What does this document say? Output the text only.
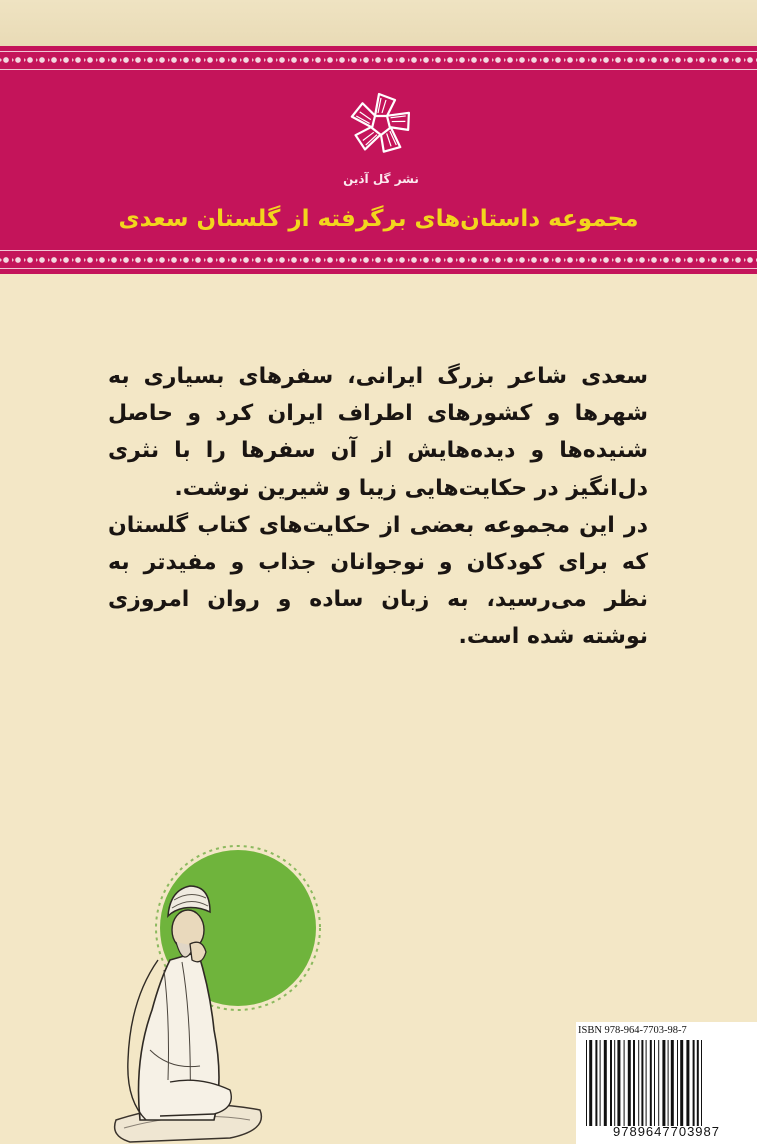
نشر گل آذین
مجموعه داستان‌های برگرفته از گلستان سعدی

سعدی شاعر بزرگ ایرانی، سفرهای بسیاری به شهرها و کشورهای اطراف ایران کرد و حاصل شنیده‌ها و دیده‌هایش از آن سفرها را با نثری دل‌انگیز در حکایت‌هایی زیبا و شیرین نوشت.

در این مجموعه بعضی از حکایت‌های کتاب گلستان که برای کودکان و نوجوانان جذاب و مفیدتر به نظر می‌رسید، به زبان ساده و روان امروزی نوشته شده است.

ISBN 978-964-7703-98-7
9789647703987
